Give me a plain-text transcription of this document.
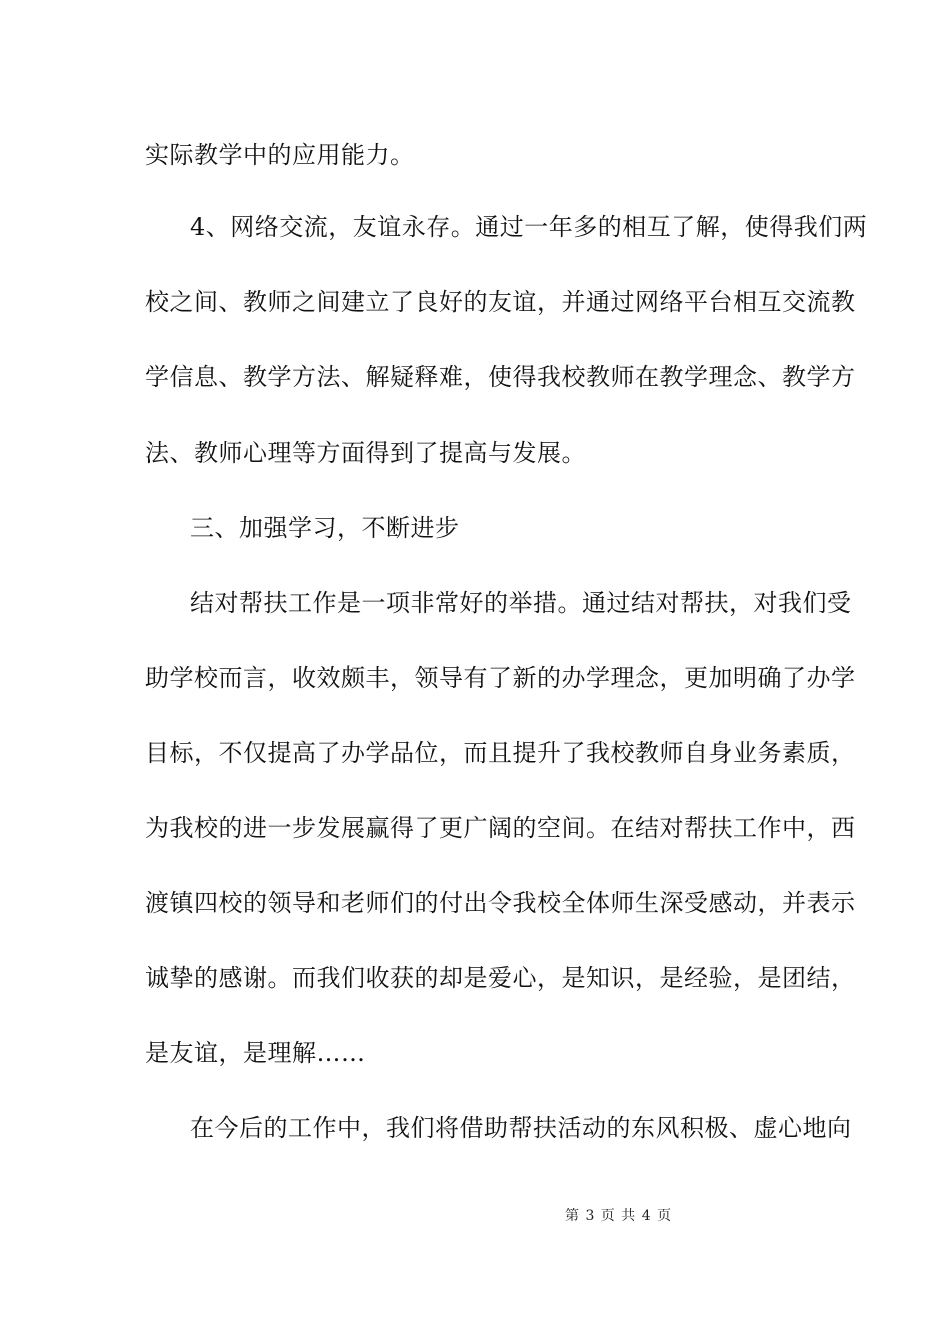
实际教学中的应用能力。
4、网络交流，友谊永存。通过一年多的相互了解，使得我们两
校之间、教师之间建立了良好的友谊，并通过网络平台相互交流教
学信息、教学方法、解疑释难，使得我校教师在教学理念、教学方
法、教师心理等方面得到了提高与发展。
三、加强学习，不断进步
结对帮扶工作是一项非常好的举措。通过结对帮扶，对我们受
助学校而言，收效颇丰，领导有了新的办学理念，更加明确了办学
目标，不仅提高了办学品位，而且提升了我校教师自身业务素质，
为我校的进一步发展赢得了更广阔的空间。在结对帮扶工作中，西
渡镇四校的领导和老师们的付出令我校全体师生深受感动，并表示
诚挚的感谢。而我们收获的却是爱心，是知识，是经验，是团结，
是友谊，是理解……
在今后的工作中，我们将借助帮扶活动的东风积极、虚心地向
第 3 页 共 4 页
